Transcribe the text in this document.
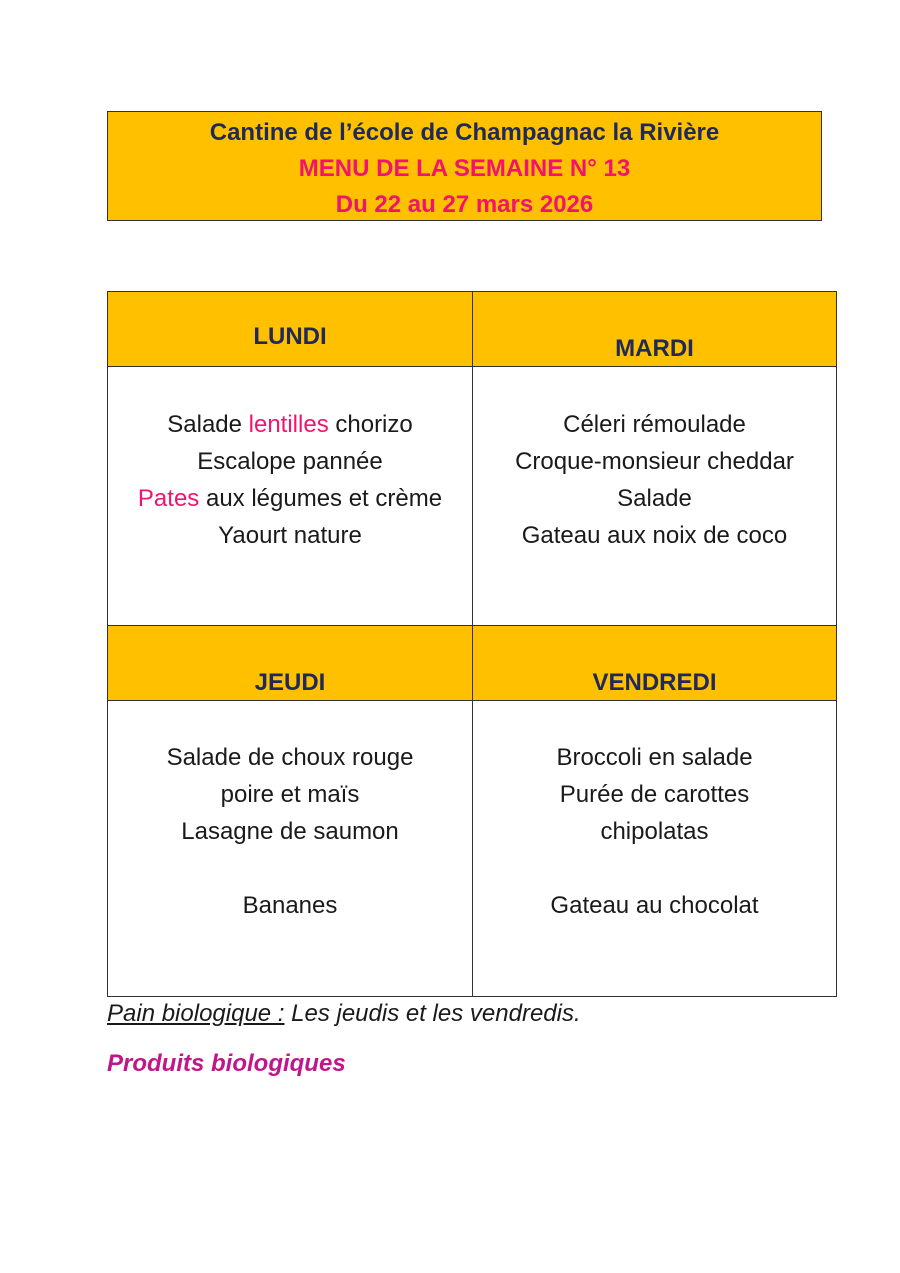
Cantine de l’école de Champagnac la Rivière
MENU DE LA SEMAINE N° 13
Du 22 au 27 mars 2026
LUNDI	MARDI
Salade lentilles chorizo
Escalope pannée
Pates aux légumes et crème
Yaourt nature
Céleri rémoulade
Croque-monsieur cheddar
Salade
Gateau aux noix de coco
JEUDI	VENDREDI
Salade de choux rouge
poire et maïs
Lasagne de saumon
Bananes
Broccoli en salade
Purée de carottes
chipolatas
Gateau au chocolat
Pain biologique : Les jeudis et les vendredis.
Produits biologiques
